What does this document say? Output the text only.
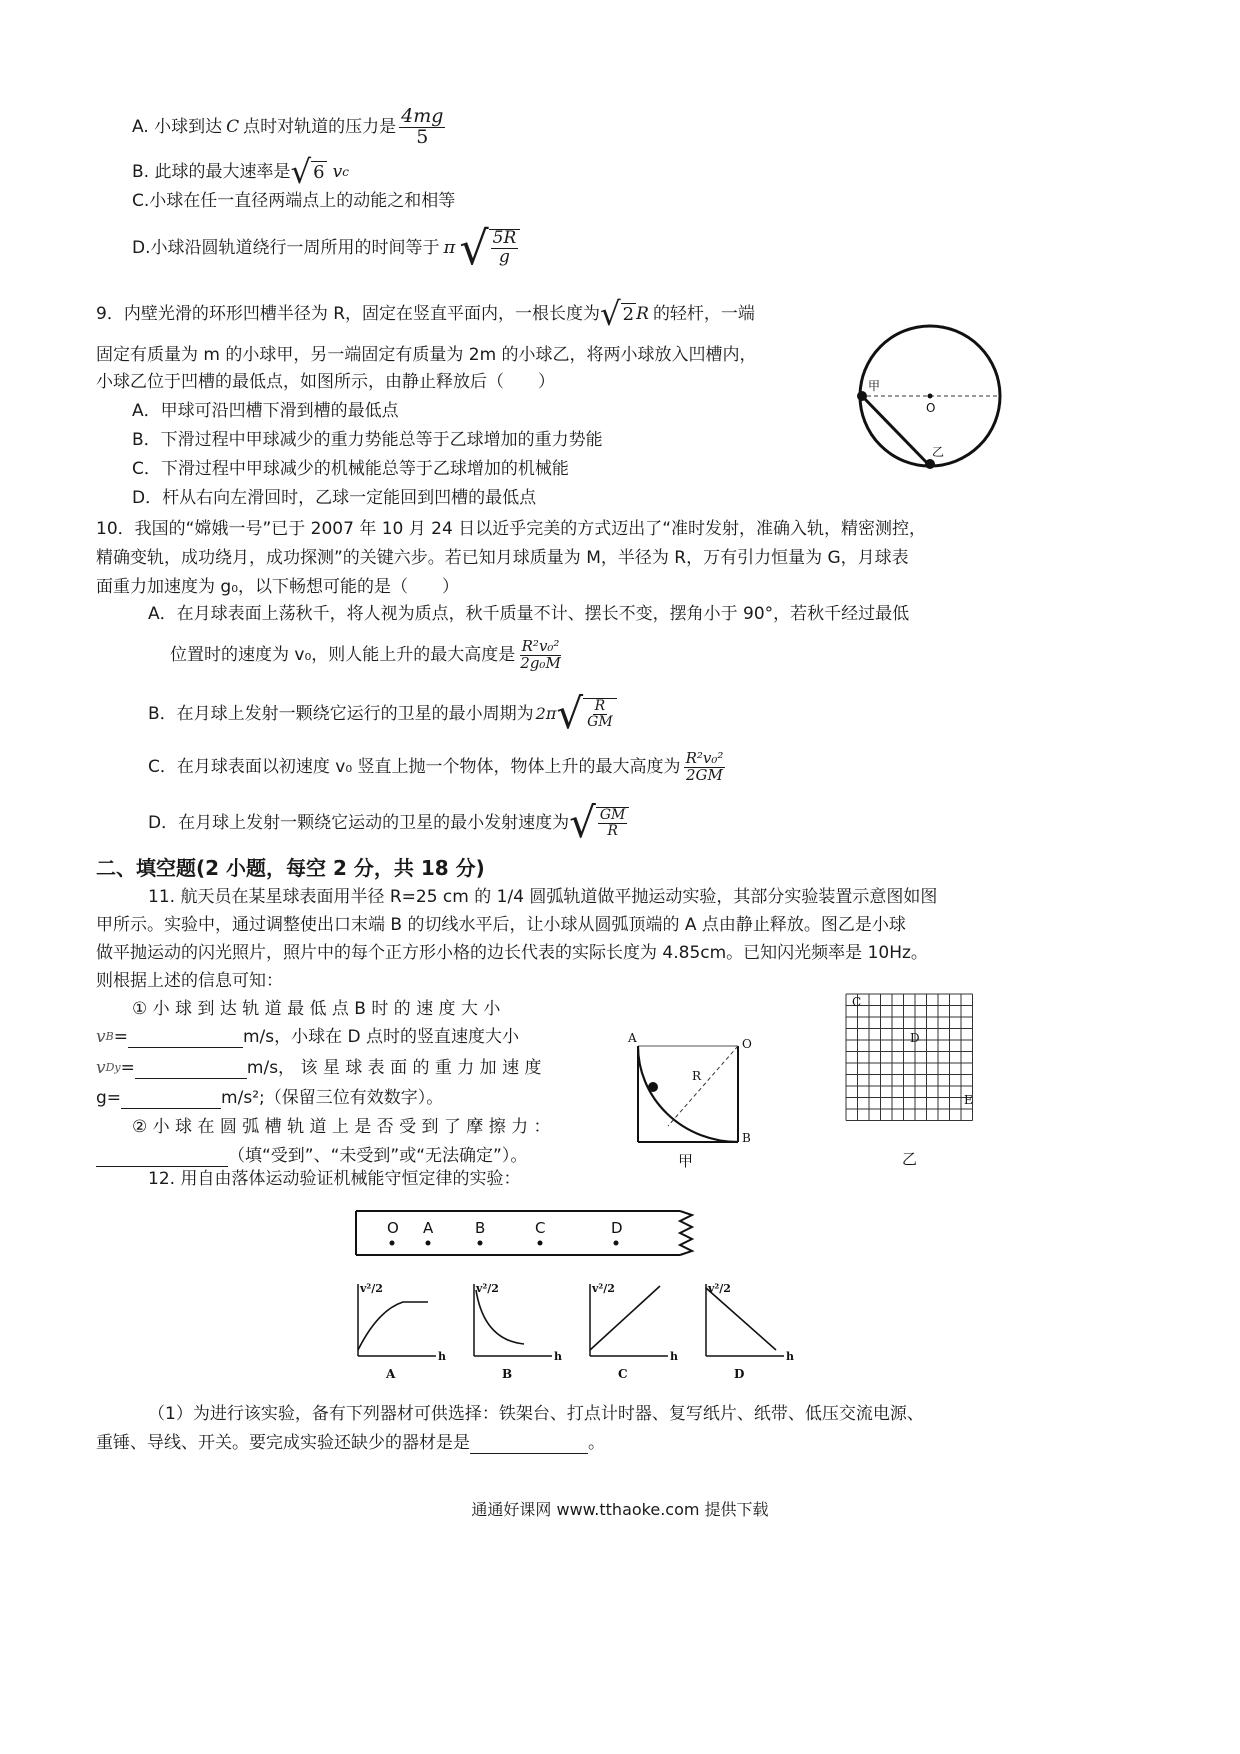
A. 小球到达 C 点时对轨道的压力是 $\frac{4mg}{5}$
B. 此球的最大速率是 √ 6 v c
C.小球在任一直径两端点上的动能之和相等
D.小球沿圆轨道绕行一周所用的时间等于 π √ $\frac{5R}{g}$
9．内壁光滑的环形凹槽半径为 R，固定在竖直平面内，一根长度为 √ 2 R 的轻杆，一端
固定有质量为 m 的小球甲，另一端固定有质量为 2m 的小球乙，将两小球放入凹槽内，
小球乙位于凹槽的最低点，如图所示，由静止释放后（　　）
A．甲球可沿凹槽下滑到槽的最低点
B．下滑过程中甲球减少的重力势能总等于乙球增加的重力势能
C．下滑过程中甲球减少的机械能总等于乙球增加的机械能
D．杆从右向左滑回时，乙球一定能回到凹槽的最低点
甲
O
乙
10．我国的“嫦娥一号”已于 2007 年 10 月 24 日以近乎完美的方式迈出了“准时发射，准确入轨，精密测控，
精确变轨，成功绕月，成功探测”的关键六步。若已知月球质量为 M，半径为 R，万有引力恒量为 G，月球表
面重力加速度为 g₀，以下畅想可能的是（　　）
A．在月球表面上荡秋千，将人视为质点，秋千质量不计、摆长不变，摆角小于 90°，若秋千经过最低
位置时的速度为 v₀，则人能上升的最大高度是 $\frac{\text{R²v₀²}}{\text{2g₀M}}$
B．在月球上发射一颗绕它运行的卫星的最小周期为 2π √ $\frac{R}{GM}$
C．在月球表面以初速度 v₀ 竖直上抛一个物体，物体上升的最大高度为 $\frac{\text{R²v₀²}}{2GM}$
D．在月球上发射一颗绕它运动的卫星的最小发射速度为 √ $\frac{GM}{R}$
二、填空题(2 小题，每空 2 分，共 18 分)
11. 航天员在某星球表面用半径 R=25 cm 的 1/4 圆弧轨道做平抛运动实验，其部分实验装置示意图如图
甲所示。实验中，通过调整使出口末端 B 的切线水平后，让小球从圆弧顶端的 A 点由静止释放。图乙是小球
做平抛运动的闪光照片，照片中的每个正方形小格的边长代表的实际长度为 4.85cm。已知闪光频率是 10Hz。
则根据上述的信息可知：
① 小 球 到 达 轨 道 最 低 点 B 时 的 速 度 大 小
v B =	m/s，小球在 D 点时的竖直速度大小
v Dy =	m/s， 该 星 球 表 面 的 重 力 加 速 度
g=	m/s²;（保留三位有效数字）。
② 小 球 在 圆 弧 槽 轨 道 上 是 否 受 到 了 摩 擦 力 ：
（填“受到”、“未受到”或“无法确定”）。
A	O
R
B
甲
C
D
E
乙
12. 用自由落体运动验证机械能守恒定律的实验：
O A	B	C	D
v²/2
h
A
v²/2
h
B
v²/2
h
C
v²/2
h
D
（1）为进行该实验，备有下列器材可供选择：铁架台、打点计时器、复写纸片、纸带、低压交流电源、
重锤、导线、开关。要完成实验还缺少的器材是是	。
通通好课网 www.tthaoke.com 提供下载
